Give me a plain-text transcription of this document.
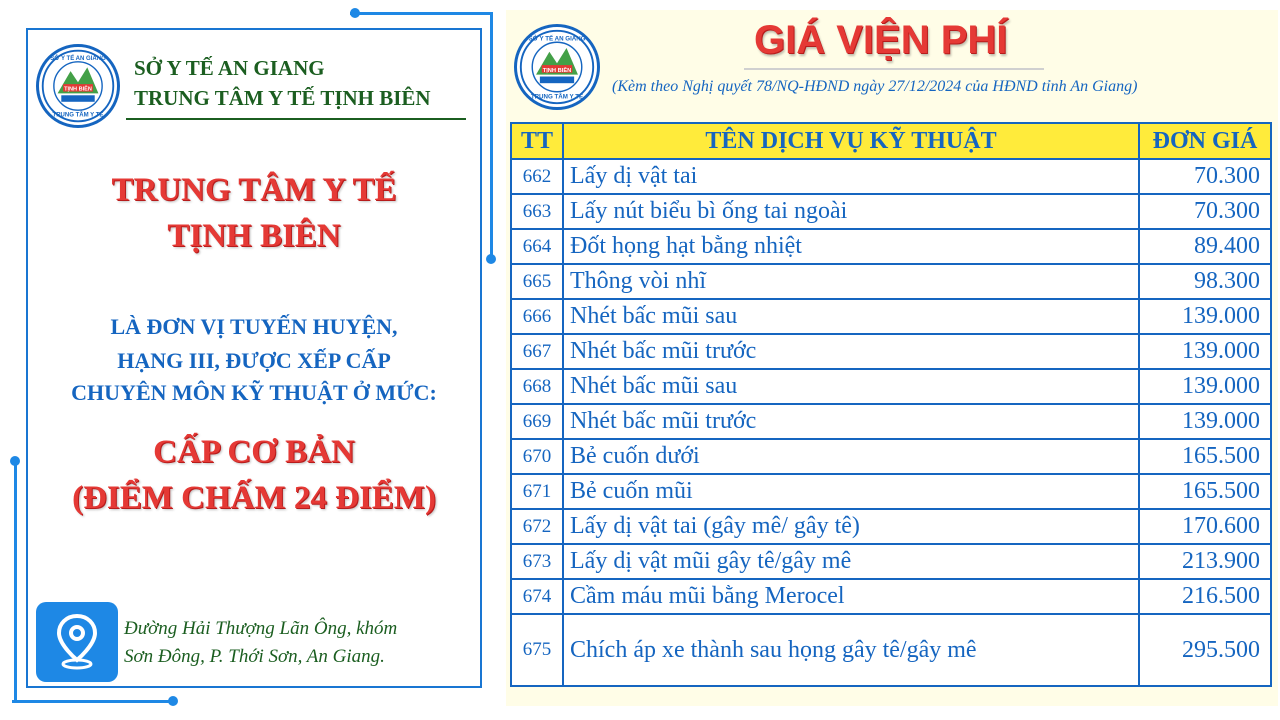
TỊNH BIÊN
SỞ Y TẾ AN GIANG
TRUNG TÂM Y TẾ
SỞ Y TẾ AN GIANG
TRUNG TÂM Y TẾ TỊNH BIÊN
TRUNG TÂM Y TẾ
TỊNH BIÊN
LÀ ĐƠN VỊ TUYẾN HUYỆN,
HẠNG III, ĐƯỢC XẾP CẤP
CHUYÊN MÔN KỸ THUẬT Ở MỨC:
CẤP CƠ BẢN
(ĐIỂM CHẤM 24 ĐIỂM)
Đường Hải Thượng Lãn Ông, khóm
Sơn Đông, P. Thới Sơn, An Giang.
TỊNH BIÊN
SỞ Y TẾ AN GIANG
TRUNG TÂM Y TẾ
GIÁ VIỆN PHÍ
(Kèm theo Nghị quyết 78/NQ-HĐND ngày 27/12/2024 của HĐND tỉnh An Giang)
TT	TÊN DỊCH VỤ KỸ THUẬT	ĐƠN GIÁ
662	Lấy dị vật tai	70.300
663	Lấy nút biểu bì ống tai ngoài	70.300
664	Đốt họng hạt bằng nhiệt	89.400
665	Thông vòi nhĩ	98.300
666	Nhét bấc mũi sau	139.000
667	Nhét bấc mũi trước	139.000
668	Nhét bấc mũi sau	139.000
669	Nhét bấc mũi trước	139.000
670	Bẻ cuốn dưới	165.500
671	Bẻ cuốn mũi	165.500
672	Lấy dị vật tai (gây mê/ gây tê)	170.600
673	Lấy dị vật mũi gây tê/gây mê	213.900
674	Cầm máu mũi bằng Merocel	216.500
675	Chích áp xe thành sau họng gây tê/gây mê	295.500
